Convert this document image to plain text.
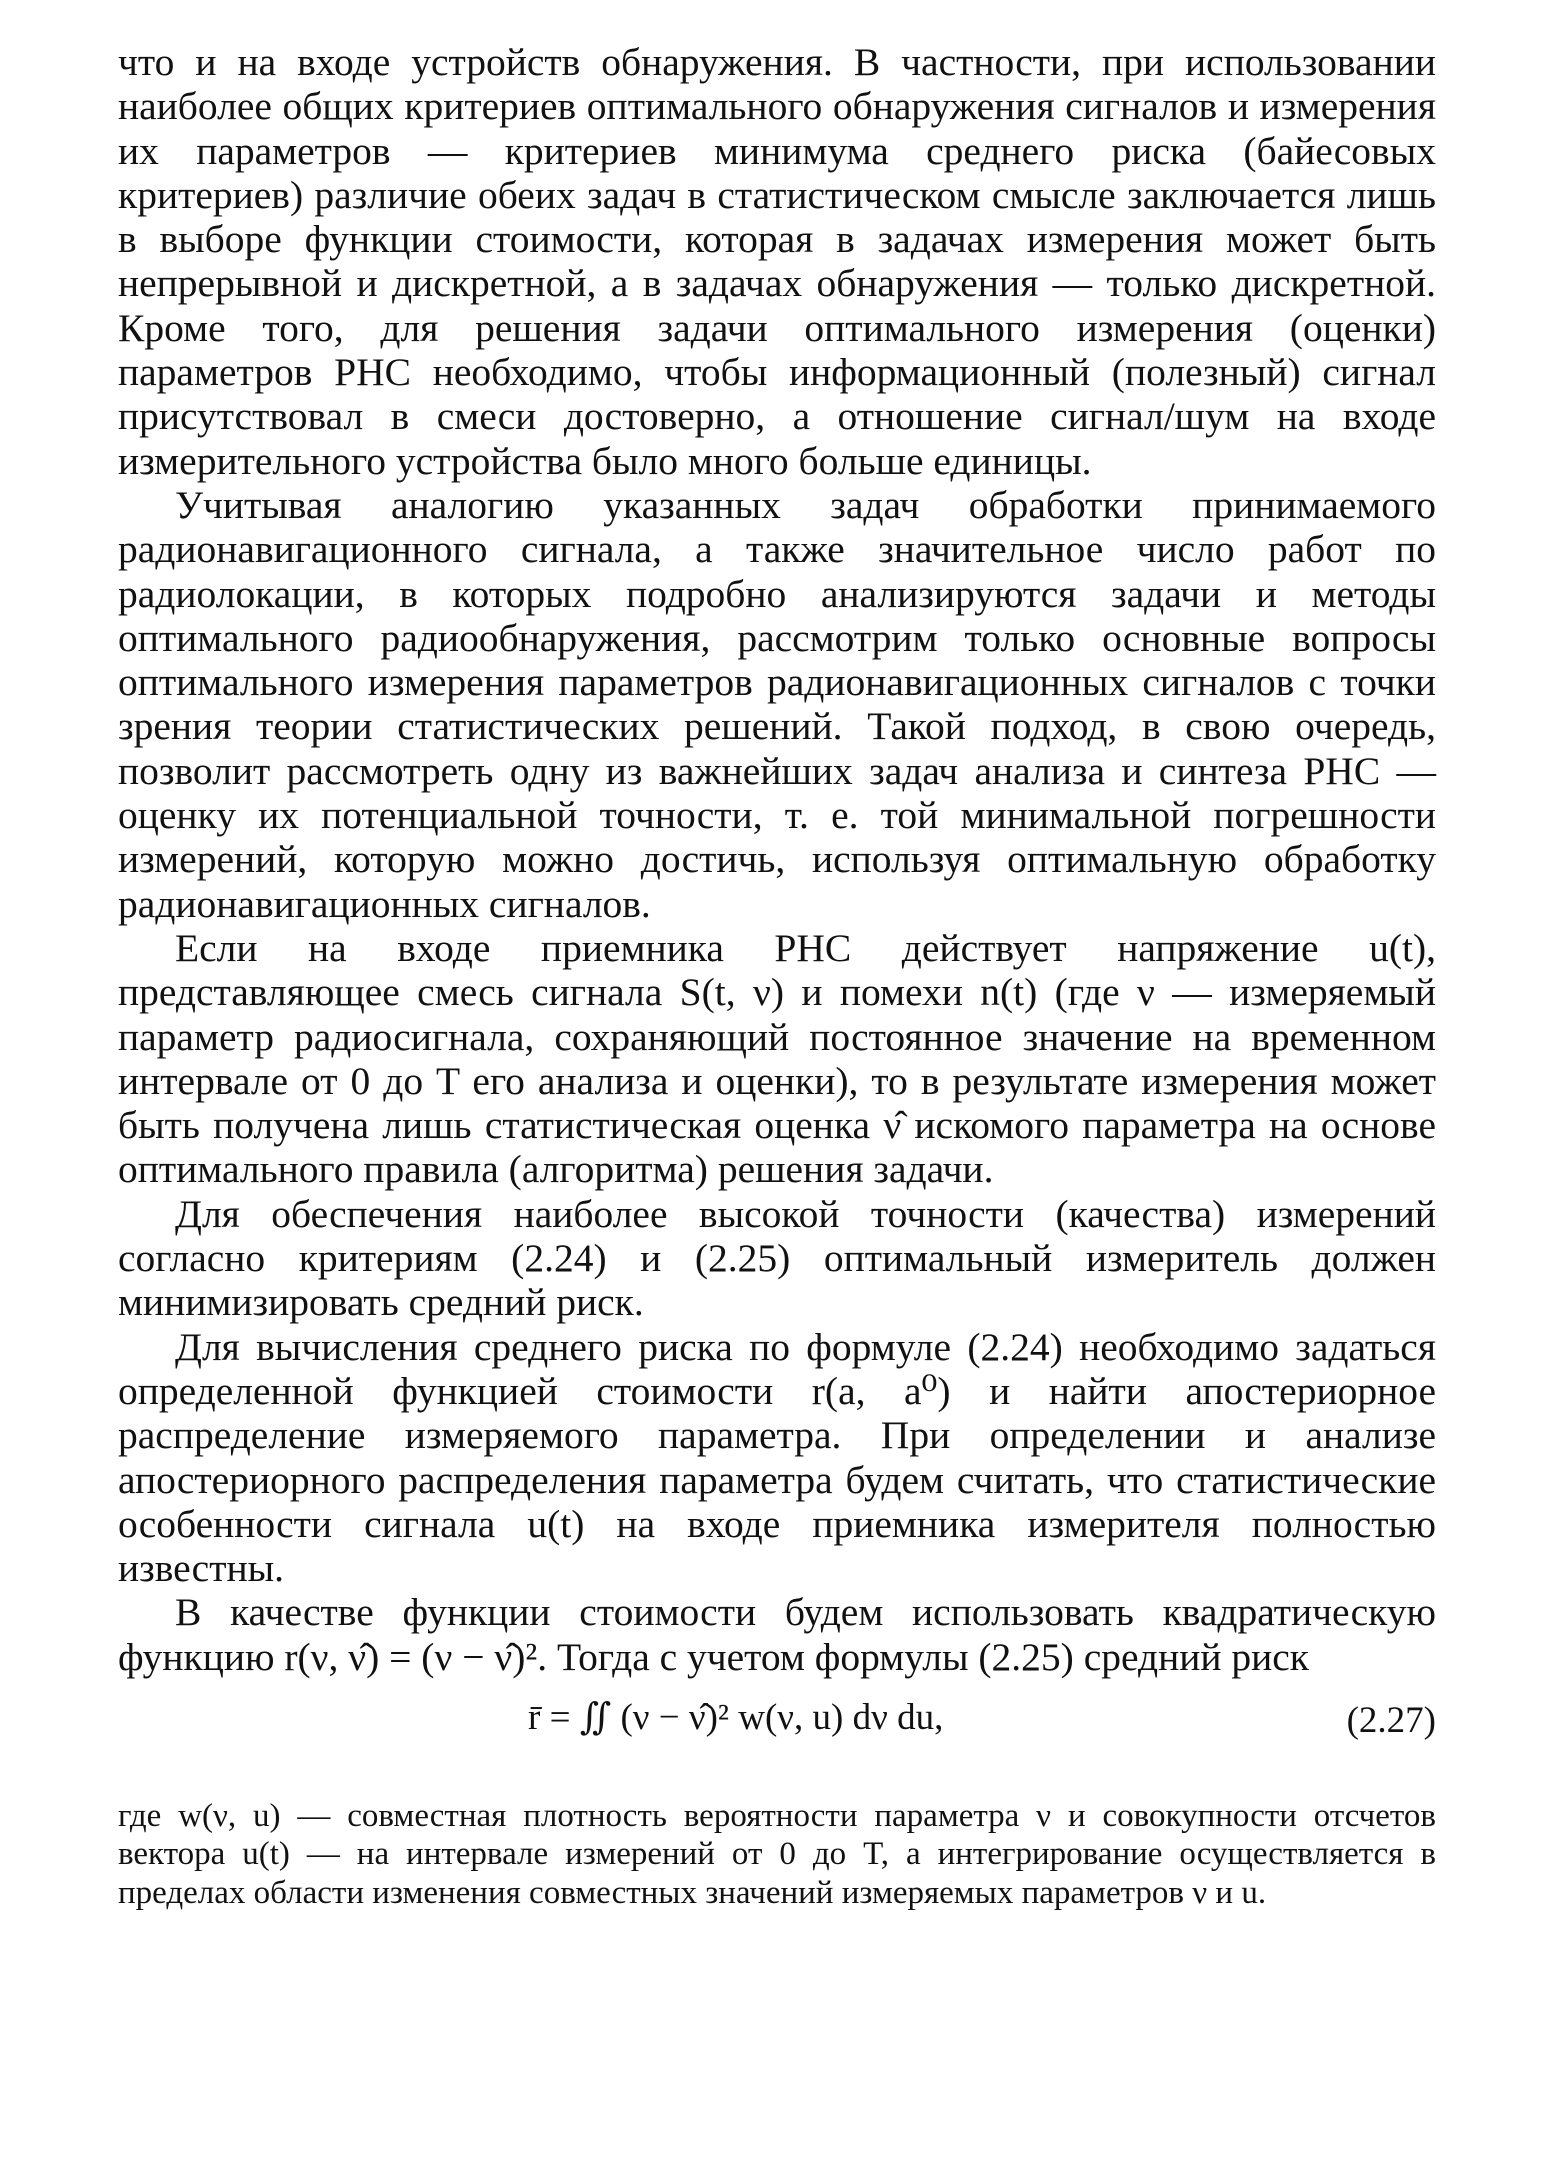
что и на входе устройств обнаружения. В частности, при использовании наиболее общих критериев оптимального обнаружения сигналов и измерения их параметров — критериев минимума среднего риска (байесовых критериев) различие обеих задач в статистическом смысле заключается лишь в выборе функции стоимости, которая в задачах измерения может быть непрерывной и дискретной, а в задачах обнаружения — только дискретной. Кроме того, для решения задачи оптимального измерения (оценки) параметров РНС необходимо, чтобы информационный (полезный) сигнал присутствовал в смеси достоверно, а отношение сигнал/шум на входе измерительного устройства было много больше единицы.

Учитывая аналогию указанных задач обработки принимаемого радионавигационного сигнала, а также значительное число работ по радиолокации, в которых подробно анализируются задачи и методы оптимального радиообнаружения, рассмотрим только основные вопросы оптимального измерения параметров радионавигационных сигналов с точки зрения теории статистических решений. Такой подход, в свою очередь, позволит рассмотреть одну из важнейших задач анализа и синтеза РНС — оценку их потенциальной точности, т. е. той минимальной погрешности измерений, которую можно достичь, используя оптимальную обработку радионавигационных сигналов.

Если на входе приемника РНС действует напряжение u(t), представляющее смесь сигнала S(t, ν) и помехи n(t) (где ν — измеряемый параметр радиосигнала, сохраняющий постоянное значение на временном интервале от 0 до T его анализа и оценки), то в результате измерения может быть получена лишь статистическая оценка ν̂ искомого параметра на основе оптимального правила (алгоритма) решения задачи.

Для обеспечения наиболее высокой точности (качества) измерений согласно критериям (2.24) и (2.25) оптимальный измеритель должен минимизировать средний риск.

Для вычисления среднего риска по формуле (2.24) необходимо задаться определенной функцией стоимости r(a, a⁰) и найти апостериорное распределение измеряемого параметра. При определении и анализе апостериорного распределения параметра будем считать, что статистические особенности сигнала u(t) на входе приемника измерителя полностью известны.

В качестве функции стоимости будем использовать квадратическую функцию r(ν, ν̂) = (ν − ν̂)². Тогда с учетом формулы (2.25) средний риск

r̄ = ∬ (ν − ν̂)² w(ν, u) dν du,	(2.27)

где w(ν, u) — совместная плотность вероятности параметра ν и совокупности отсчетов вектора u(t) — на интервале измерений от 0 до T, а интегрирование осуществляется в пределах области изменения совместных значений измеряемых параметров ν и u.
